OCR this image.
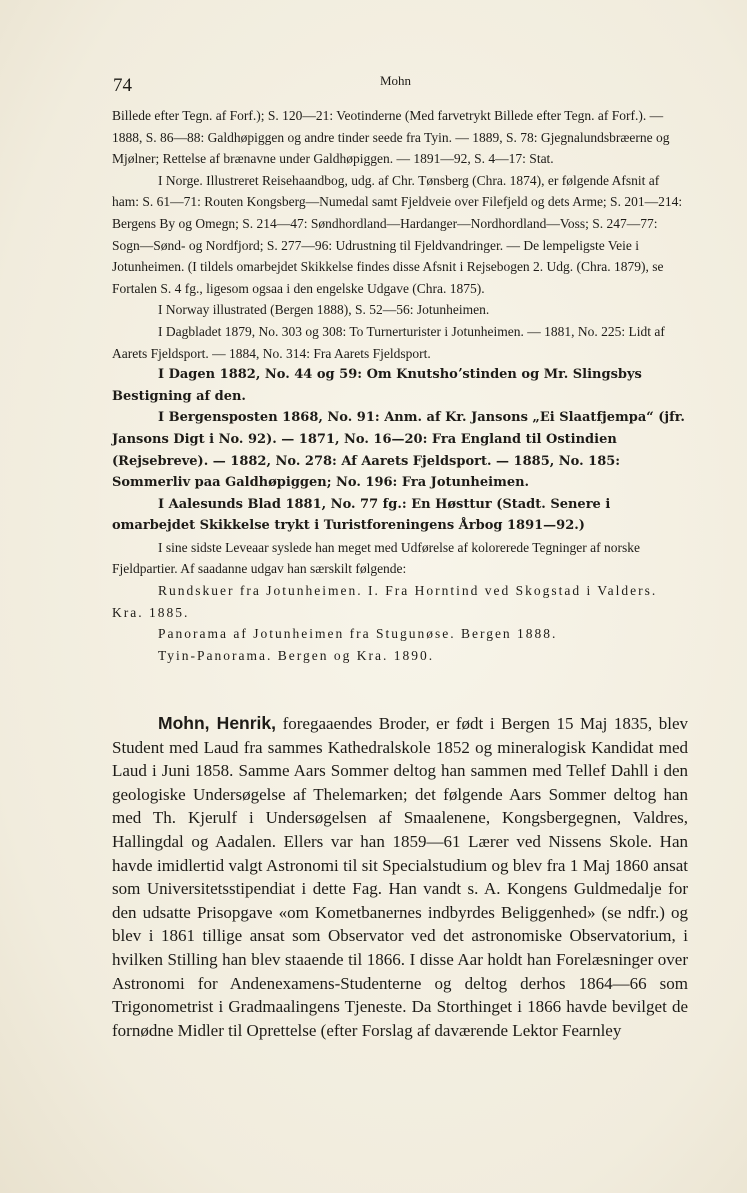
74	Mohn

Billede efter Tegn. af Forf.); S. 120—21: Veotinderne (Med farvetrykt Billede efter Tegn. af Forf.). — 1888, S. 86—88: Galdhøpiggen og andre tinder seede fra Tyin. — 1889, S. 78: Gjegnalundsbræerne og Mjølner; Rettelse af brænavne under Galdhøpiggen. — 1891—92, S. 4—17: Stat.

I Norge. Illustreret Reisehaandbog, udg. af Chr. Tønsberg (Chra. 1874), er følgende Afsnit af ham: S. 61—71: Routen Kongsberg—Numedal samt Fjeldveie over Filefjeld og dets Arme; S. 201—214: Bergens By og Omegn; S. 214—47: Søndhordland—Hardanger—Nordhordland—Voss; S. 247—77: Sogn—Sønd- og Nordfjord; S. 277—96: Udrustning til Fjeldvandringer. — De lempeligste Veie i Jotunheimen. (I tildels omarbejdet Skikkelse findes disse Afsnit i Rejsebogen 2. Udg. (Chra. 1879), se Fortalen S. 4 fg., ligesom ogsaa i den engelske Udgave (Chra. 1875).

I Norway illustrated (Bergen 1888), S. 52—56: Jotunheimen.

I Dagbladet 1879, No. 303 og 308: To Turnerturister i Jotunheimen. — 1881, No. 225: Lidt af Aarets Fjeldsport. — 1884, No. 314: Fra Aarets Fjeldsport.

I Dagen 1882, No. 44 og 59: Om Knutshoʼstinden og Mr. Slingsbys Bestigning af den.

I Bergensposten 1868, No. 91: Anm. af Kr. Jansons „Ei Slaatfjempa“ (jfr. Jansons Digt i No. 92). — 1871, No. 16—20: Fra England til Ostindien (Rejsebreve). — 1882, No. 278: Af Aarets Fjeldsport. — 1885, No. 185: Sommerliv paa Galdhøpiggen; No. 196: Fra Jotunheimen.

I Aalesunds Blad 1881, No. 77 fg.: En Høsttur (Stadt. Senere i omarbejdet Skikkelse trykt i Turistforeningens Årbog 1891—92.)

I sine sidste Leveaar syslede han meget med Udførelse af kolorerede Tegninger af norske Fjeldpartier. Af saadanne udgav han særskilt følgende:

Rundskuer fra Jotunheimen. I. Fra Horntind ved Skogstad i Valders. Kra. 1885.

Panorama af Jotunheimen fra Stugunøse. Bergen 1888.

Tyin-Panorama. Bergen og Kra. 1890.

Mohn, Henrik, foregaaendes Broder, er født i Bergen 15 Maj 1835, blev Student med Laud fra sammes Kathedralskole 1852 og mineralogisk Kandidat med Laud i Juni 1858. Samme Aars Sommer deltog han sammen med Tellef Dahll i den geologiske Undersøgelse af Thelemarken; det følgende Aars Sommer deltog han med Th. Kjerulf i Undersøgelsen af Smaalenene, Kongsbergegnen, Valdres, Hallingdal og Aadalen. Ellers var han 1859—61 Lærer ved Nissens Skole. Han havde imidlertid valgt Astronomi til sit Specialstudium og blev fra 1 Maj 1860 ansat som Universitetsstipendiat i dette Fag. Han vandt s. A. Kongens Guldmedalje for den udsatte Prisopgave «om Kometbanernes indbyrdes Beliggenhed» (se ndfr.) og blev i 1861 tillige ansat som Observator ved det astronomiske Observatorium, i hvilken Stilling han blev staaende til 1866. I disse Aar holdt han Forelæsninger over Astronomi for Andenexamens-Studenterne og deltog derhos 1864—66 som Trigonometrist i Gradmaalingens Tjeneste. Da Storthinget i 1866 havde bevilget de fornødne Midler til Oprettelse (efter Forslag af daværende Lektor Fearnley
